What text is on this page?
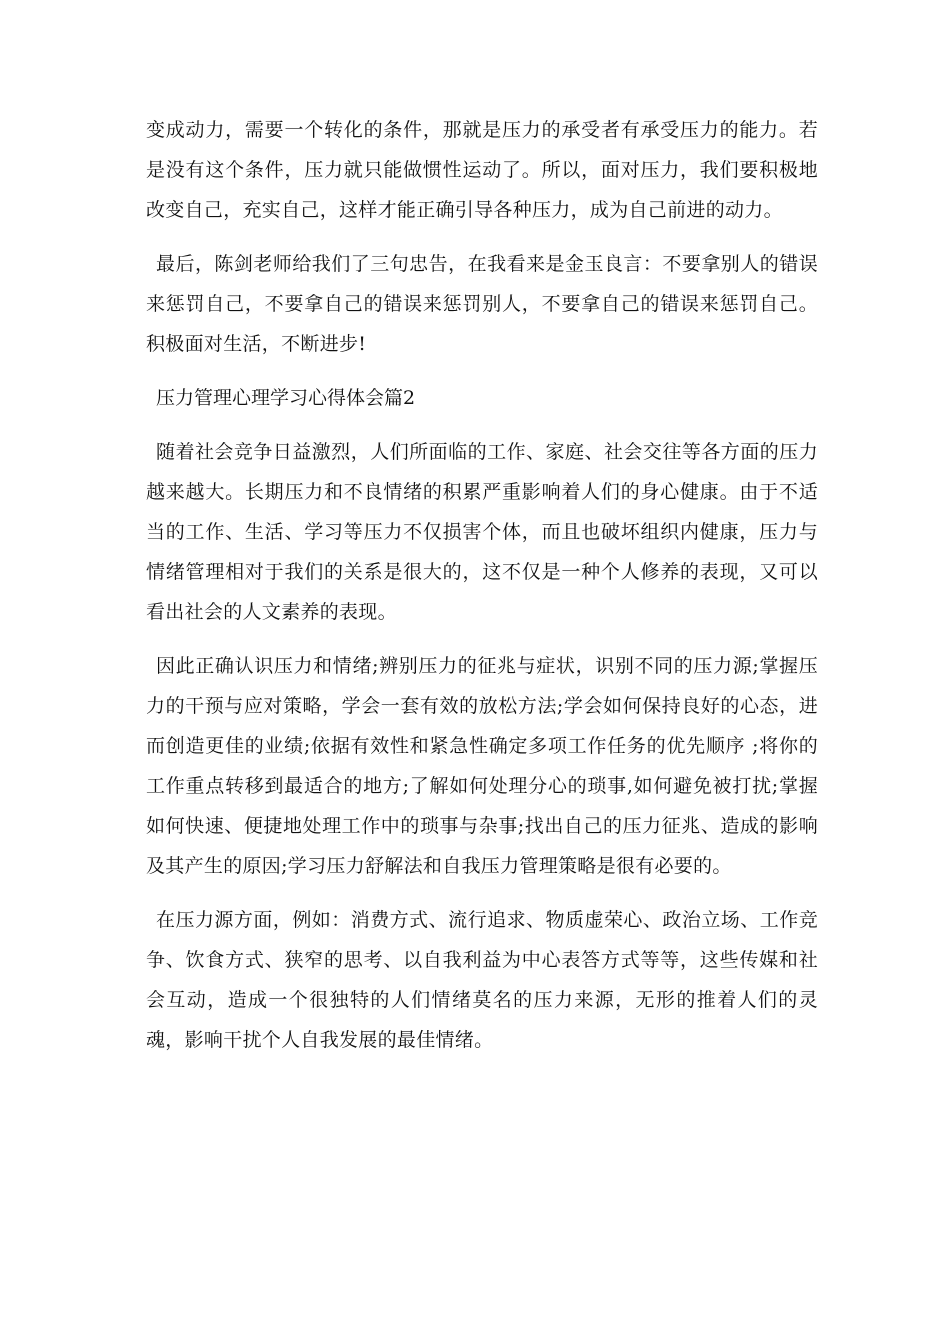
变成动力，需要一个转化的条件，那就是压力的承受者有承受压力的能力。若是没有这个条件，压力就只能做惯性运动了。所以，面对压力，我们要积极地改变自己，充实自己，这样才能正确引导各种压力，成为自己前进的动力。

最后，陈剑老师给我们了三句忠告，在我看来是金玉良言：不要拿别人的错误来惩罚自己，不要拿自己的错误来惩罚别人，不要拿自己的错误来惩罚自己。积极面对生活，不断进步!

压力管理心理学习心得体会篇2

随着社会竞争日益激烈，人们所面临的工作、家庭、社会交往等各方面的压力越来越大。长期压力和不良情绪的积累严重影响着人们的身心健康。由于不适当的工作、生活、学习等压力不仅损害个体，而且也破坏组织内健康，压力与情绪管理相对于我们的关系是很大的，这不仅是一种个人修养的表现，又可以看出社会的人文素养的表现。

因此正确认识压力和情绪;辨别压力的征兆与症状，识别不同的压力源;掌握压力的干预与应对策略，学会一套有效的放松方法;学会如何保持良好的心态，进而创造更佳的业绩;依据有效性和紧急性确定多项工作任务的优先顺序 ;将你的工作重点转移到最适合的地方;了解如何处理分心的琐事,如何避免被打扰;掌握如何快速、便捷地处理工作中的琐事与杂事;找出自己的压力征兆、造成的影响及其产生的原因;学习压力舒解法和自我压力管理策略是很有必要的。

在压力源方面，例如：消费方式、流行追求、物质虚荣心、政治立场、工作竞争、饮食方式、狭窄的思考、以自我利益为中心表答方式等等，这些传媒和社会互动，造成一个很独特的人们情绪莫名的压力来源，无形的推着人们的灵魂，影响干扰个人自我发展的最佳情绪。
